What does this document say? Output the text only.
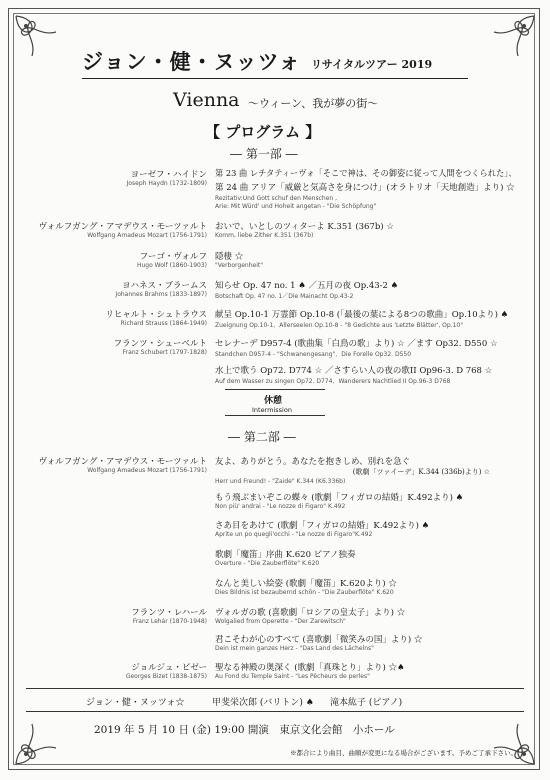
ジョン・健・ヌッツォ リサイタルツアー 2019
Vienna ～ウィーン、我が夢の街～
【 プログラム 】
― 第一部 ―
ヨーゼフ・ハイドン
Joseph Haydn (1732-1809)
第 23 曲 レチタティーヴォ「そこで神は、その御姿に従って人間をつくられた」、
第 24 曲 アリア「威厳と気高さを身につけ」(オラトリオ「天地創造」より) ☆
Rezitativ:Und Gott schuf den Menschen ,
Arie: Mit Würd' und Hoheit angetan - "Die Schöpfung"
ヴォルフガング・アマデウス・モーツァルト
Wolfgang Amadeus Mozart (1756-1791)
おいで、いとしのツィターよ K.351 (367b) ☆
Komm, liebe Zither K.351 (367b)
フーゴ・ヴォルフ
Hugo Wolf (1860-1903)
隠棲 ☆
"Verborgenheit"
ヨハネス・ブラームス
Johannes Brahms (1833-1897)
知らせ Op. 47 no. 1 ♠ ／五月の夜 Op.43-2 ♠
Botschaft Op. 47 no. 1／Die Mainacht Op.43-2
リヒャルト・シュトラウス
Richard Strauss (1864-1949)
献呈 Op.10-1 万霊節 Op.10-8 (「最後の葉による8つの歌曲」Op.10より) ♠
Zueignung Op.10-1、Allerseelen Op.10-8 - "8 Gedichte aus 'Letzte Blätter', Op.10"
フランツ・シューベルト
Franz Schubert (1797-1828)
セレナーデ D957-4 (歌曲集「白鳥の歌」より) ☆ ／ます Op32. D550 ☆
Standchen D957-4 - "Schwanengesang"、Die Forelle Op32. D550
水上で歌う Op72. D774 ☆ ／さすらい人の夜の歌II Op96-3. D 768 ☆
Auf dem Wasser zu singen Op72. D774、Wanderers Nachtlied II Op.96-3 D768
休憩
Intermission
― 第二部 ―
ヴォルフガング・アマデウス・モーツァルト
Wolfgang Amadeus Mozart (1756-1791)
友よ、ありがとう。あなたを抱きしめ、別れを急ぐ
(歌劇「ツァイーデ」K.344 (336b)より) ☆
Herr und Freund! - "Zaide" K.344 (K6.336b)
もう飛ぶまいぞこの蝶々 (歌劇「フィガロの結婚」K.492より) ♠
Non più' andrai - "Le nozze di Figaro" K.492
さあ目をあけて (歌劇「フィガロの結婚」K.492より) ♠
Aprite un po quegli'occhi - "Le nozze di Figaro"K.492
歌劇「魔笛」序曲 K.620 ピアノ独奏
Overture - "Die Zauberflöte" K.620
なんと美しい絵姿 (歌劇「魔笛」K.620より) ☆
Dies Bildnis ist bezaubernd schön - "Die Zauberflöte" K.620
フランツ・レハール
Franz Lehár (1870-1948)
ヴォルガの歌 (喜歌劇「ロシアの皇太子」より) ☆
Wolgalied from Operette - "Der Zarewitsch"
君こそわが心のすべて (喜歌劇「微笑みの国」より) ☆
Dein ist mein ganzes Herz - "Das Land des Lächelns"
ジョルジュ・ビゼー
Georges Bizet (1838-1875)
聖なる神殿の奥深く (歌劇「真珠とり」より) ☆♠
Au Fond du Temple Saint - "Les Pêcheurs de perles"
ジョン・健・ヌッツォ☆	甲斐栄次郎 (バリトン) ♠ 滝本紘子 (ピアノ)
2019 年 5 月 10 日 (金) 19:00 開演　東京文化会館　小ホール
※都合により曲目、曲順が変更になる場合がございます。予めご了承下さい。
